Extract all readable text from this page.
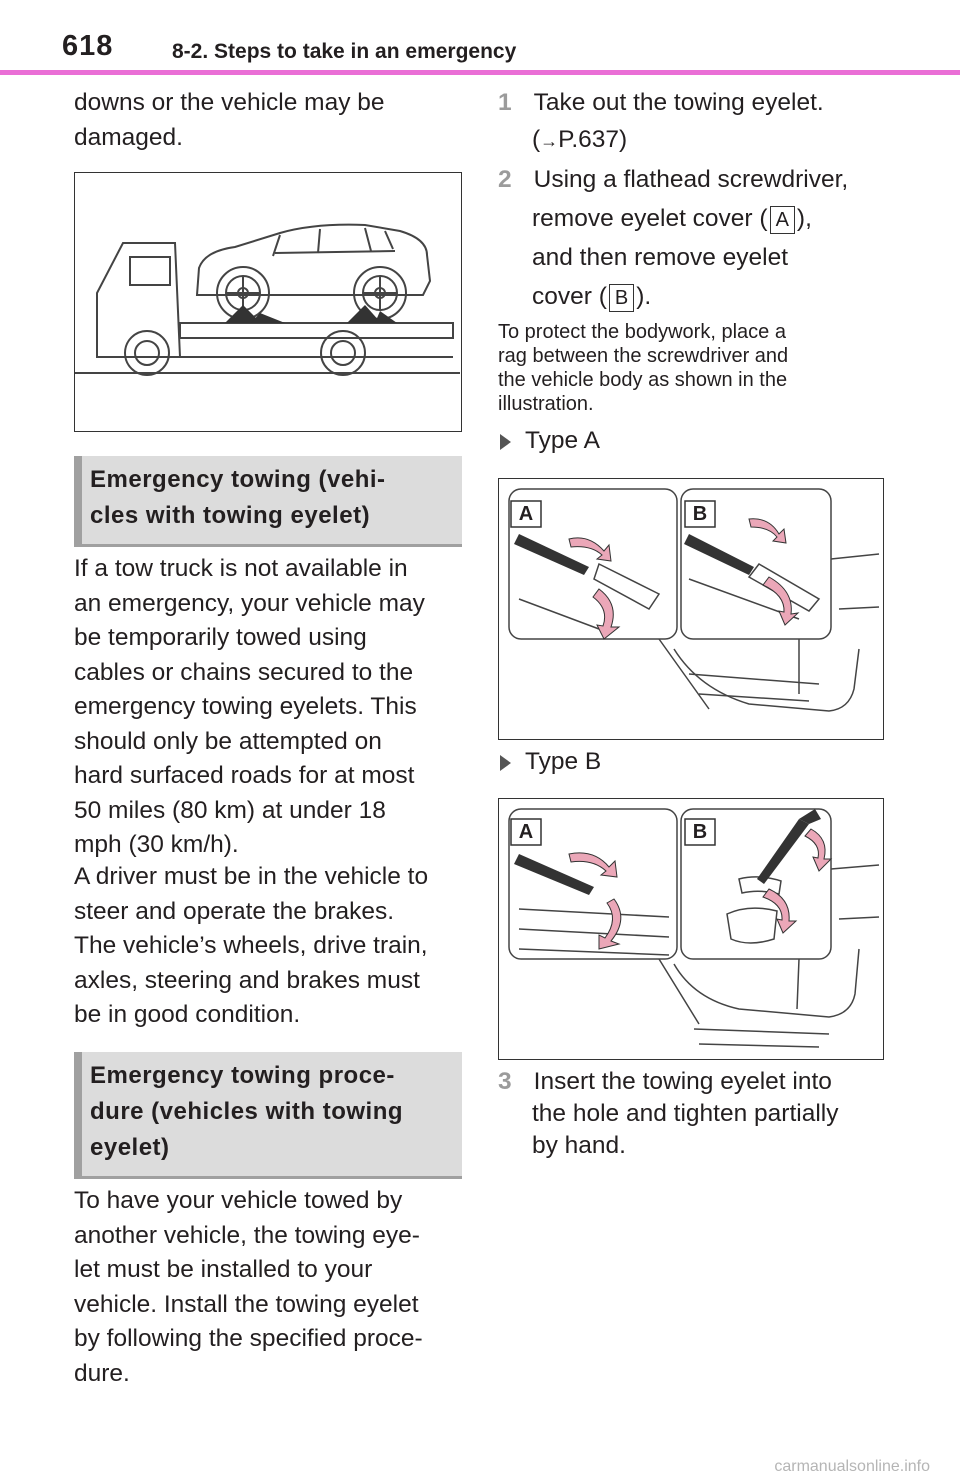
618	8-2. Steps to take in an emergency
downs or the vehicle may be
damaged.
Emergency towing (vehi-
cles with towing eyelet)
If a tow truck is not available in
an emergency, your vehicle may
be temporarily towed using
cables or chains secured to the
emergency towing eyelets. This
should only be attempted on
hard surfaced roads for at most
50 miles (80 km) at under 18
mph (30 km/h).
A driver must be in the vehicle to
steer and operate the brakes.
The vehicle’s wheels, drive train,
axles, steering and brakes must
be in good condition.
Emergency towing proce-
dure (vehicles with towing
eyelet)
To have your vehicle towed by
another vehicle, the towing eye-
let must be installed to your
vehicle. Install the towing eyelet
by following the specified proce-
dure.
1 Take out the towing eyelet.
(→P.637)
2 Using a flathead screwdriver,
remove eyelet cover ( A ),
and then remove eyelet
cover ( B ).
To protect the bodywork, place a
rag between the screwdriver and
the vehicle body as shown in the
illustration.
Type A
A	B
Type B
A	B
3 Insert the towing eyelet into
the hole and tighten partially
by hand.
carmanualsonline.info
